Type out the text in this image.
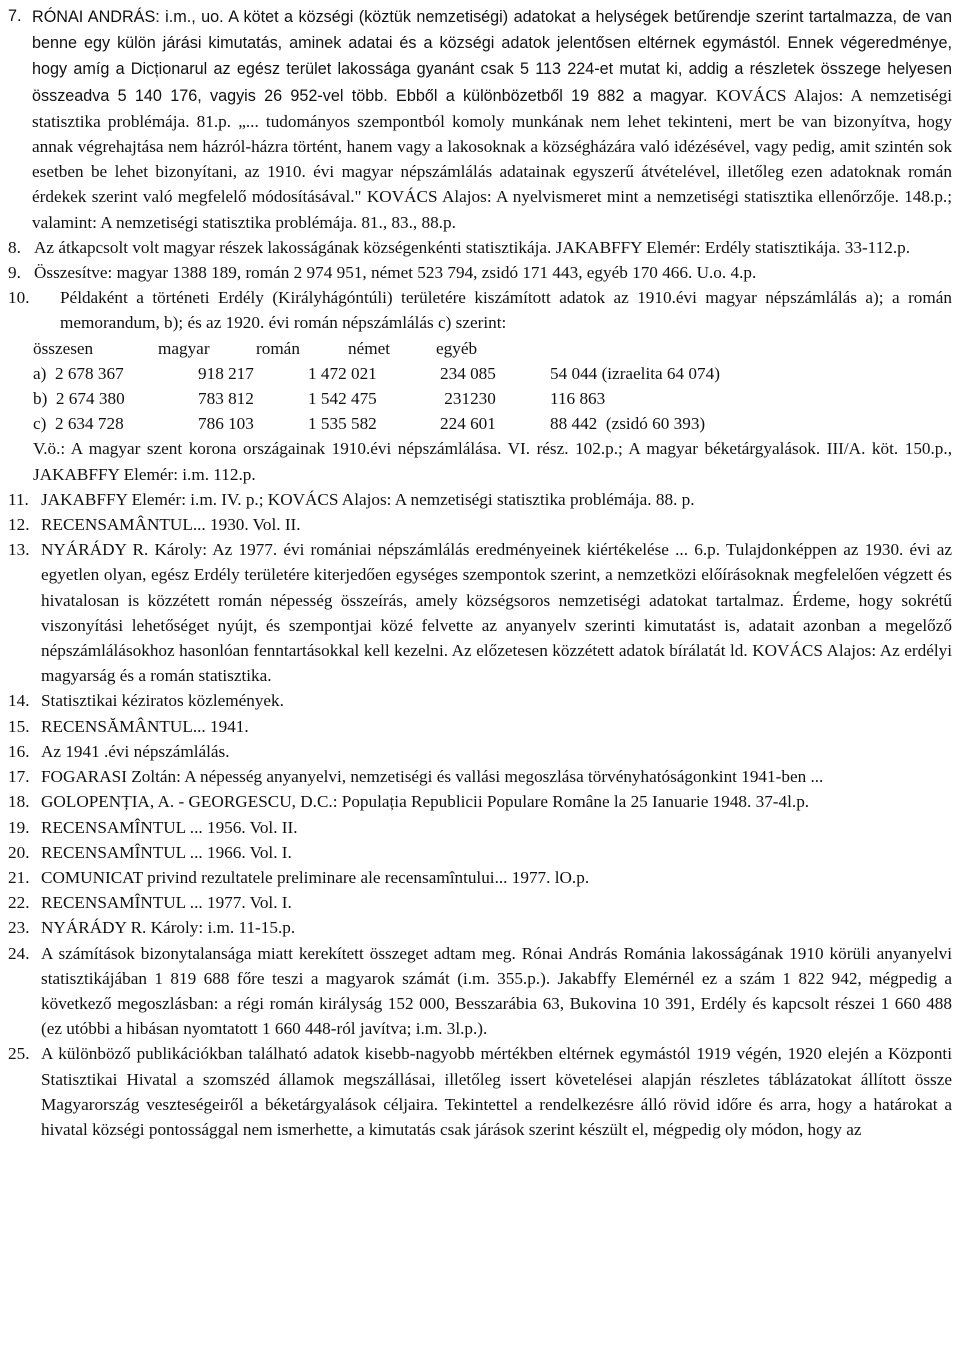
7. RÓNAI ANDRÁS: i.m., uo. A kötet a községi (köztük nemzetiségi) adatokat a helységek betűrendje szerint tartalmazza, de van benne egy külön járási kimutatás, aminek adatai és a községi adatok jelentősen eltérnek egymástól. Ennek végeredménye, hogy amíg a Dicționarul az egész terület lakossága gyanánt csak 5 113 224-et mutat ki, addig a részletek összege helyesen összeadva 5 140 176, vagyis 26 952-vel több. Ebből a különbözetből 19 882 a magyar. KOVÁCS Alajos: A nemzetiségi statisztika problémája. 81.p. „... tudományos szempontból komoly munkának nem lehet tekinteni, mert be van bizonyítva, hogy annak végrehajtása nem házról-házra történt, hanem vagy a lakosoknak a községházára való idézésével, vagy pedig, amit szintén sok esetben be lehet bizonyítani, az 1910. évi magyar népszámlálás adatainak egyszerű átvételével, illetőleg ezen adatoknak román érdekek szerint való megfelelő módosításával." KOVÁCS Alajos: A nyelvismeret mint a nemzetiségi statisztika ellenőrzője. 148.p.; valamint: A nemzetiségi statisztika problémája. 81., 83., 88.p.
8. Az átkapcsolt volt magyar részek lakosságának községenkénti statisztikája. JAKABFFY Elemér: Erdély statisztikája. 33-112.p.
9. Összesítve: magyar 1388 189, román 2 974 951, német 523 794, zsidó 171 443, egyéb 170 466. U.o. 4.p.
10.	Példaként a történeti Erdély (Királyhágóntúli) területére kiszámított adatok az 1910.évi magyar népszámlálás a); a román memorandum, b); és az 1920. évi román népszámlálás c) szerint:
összesen	magyar	román	német	egyéb
a)  2 678 367	918 217	1 472 021	234 085	54 044 (izraelita 64 074)
b)  2 674 380	783 812	1 542 475	231230	116 863
c)  2 634 728	786 103	1 535 582	224 601	88 442  (zsidó 60 393)
V.ö.: A magyar szent korona országainak 1910.évi népszámlálása. VI. rész. 102.p.; A magyar béketárgyalások. III/A. köt. 150.p., JAKABFFY Elemér: i.m. 112.p.
11. JAKABFFY Elemér: i.m. IV. p.; KOVÁCS Alajos: A nemzetiségi statisztika problémája. 88. p.
12. RECENSAMÂNTUL... 1930. Vol. II.
13. NYÁRÁDY R. Károly: Az 1977. évi romániai népszámlálás eredményeinek kiértékelése ... 6.p. Tulajdonképpen az 1930. évi az egyetlen olyan, egész Erdély területére kiterjedően egységes szempontok szerint, a nemzetközi előírásoknak megfelelően végzett és hivatalosan is közzétett román népesség összeírás, amely községsoros nemzetiségi adatokat tartalmaz. Érdeme, hogy sokrétű viszonyítási lehetőséget nyújt, és szempontjai közé felvette az anyanyelv szerinti kimutatást is, adatait azonban a megelőző népszámlálásokhoz hasonlóan fenntartásokkal kell kezelni. Az előzetesen közzétett adatok bírálatát ld. KOVÁCS Alajos: Az erdélyi magyarság és a román statisztika.
14. Statisztikai kéziratos közlemények.
15. RECENSĂMÂNTUL... 1941.
16. Az 1941 .évi népszámlálás.
17. FOGARASI Zoltán: A népesség anyanyelvi, nemzetiségi és vallási megoszlása törvényhatóságonkint 1941-ben ...
18. GOLOPENȚIA, A. - GEORGESCU, D.C.: Populația Republicii Populare Române la 25 Ianuarie 1948. 37-4l.p.
19. RECENSAMÎNTUL ... 1956. Vol. II.
20. RECENSAMÎNTUL ... 1966. Vol. I.
21. COMUNICAT privind rezultatele preliminare ale recensamîntului... 1977. lO.p.
22. RECENSAMÎNTUL ... 1977. Vol. I.
23. NYÁRÁDY R. Károly: i.m. 11-15.p.
24. A számítások bizonytalansága miatt kerekített összeget adtam meg. Rónai András Románia lakosságának 1910 körüli anyanyelvi statisztikájában 1 819 688 főre teszi a magyarok számát (i.m. 355.p.). Jakabffy Elemérnél ez a szám 1 822 942, mégpedig a következő megoszlásban: a régi román királyság 152 000, Besszarábia 63, Bukovina 10 391, Erdély és kapcsolt részei 1 660 488 (ez utóbbi a hibásan nyomtatott 1 660 448-ról javítva; i.m. 3l.p.).
25. A különböző publikációkban található adatok kisebb-nagyobb mértékben eltérnek egymástól 1919 végén, 1920 elején a Központi Statisztikai Hivatal a szomszéd államok megszállásai, illetőleg issert követelései alapján részletes táblázatokat állított össze Magyarország veszteségeiről a béketárgyalások céljaira. Tekintettel a rendelkezésre álló rövid időre és arra, hogy a határokat a hivatal községi pontossággal nem ismerhette, a kimutatás csak járások szerint készült el, mégpedig oly módon, hogy az
